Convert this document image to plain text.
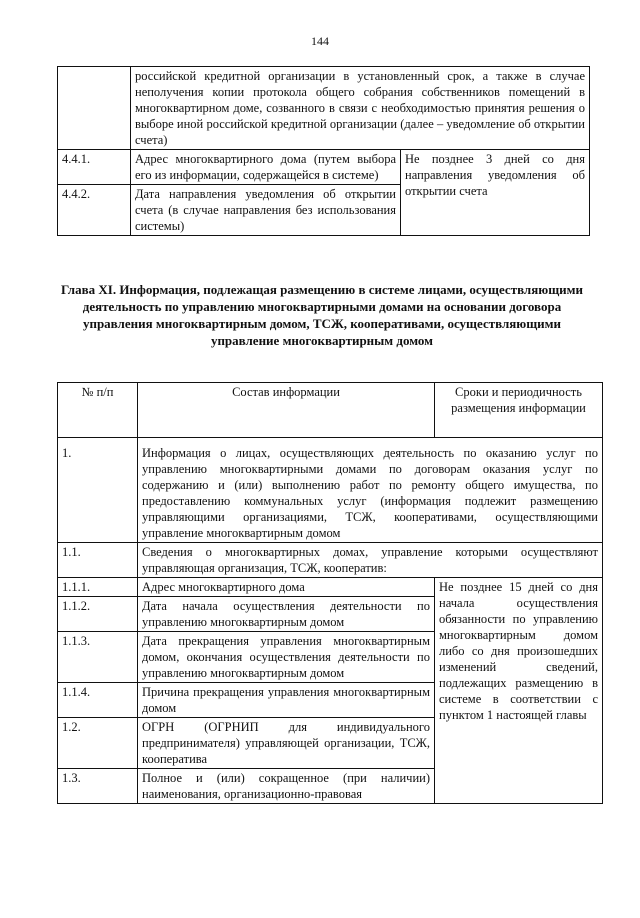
144
	российской кредитной организации в установленный срок, а также в случае неполучения копии протокола общего собрания собственников помещений в многоквартирном доме, созванного в связи с необходимостью принятия решения о выборе иной российской кредитной организации (далее – уведомление об открытии счета)	
4.4.1.	Адрес многоквартирного дома (путем выбора его из информации, содержащейся в системе)	Не позднее 3 дней со дня направления уведомления об открытии счета
4.4.2.	Дата направления уведомления об открытии счета (в случае направления без использования системы)	
Глава XI. Информация, подлежащая размещению в системе лицами, осуществляющими деятельность по управлению многоквартирными домами на основании договора управления многоквартирным домом, ТСЖ, кооперативами, осуществляющими управление многоквартирным домом
№ п/п	Состав информации	Сроки и периодичность размещения информации

1.	Информация о лицах, осуществляющих деятельность по оказанию услуг по управлению многоквартирными домами по договорам оказания услуг по содержанию и (или) выполнению работ по ремонту общего имущества, по предоставлению коммунальных услуг (информация подлежит размещению управляющими организациями, ТСЖ, кооперативами, осуществляющими управление многоквартирным домом	
1.1.	Сведения о многоквартирных домах, управление которыми осуществляют управляющая организация, ТСЖ, кооператив:	
1.1.1.	Адрес многоквартирного дома	Не позднее 15 дней со дня начала осуществления обязанности по управлению многоквартирным домом либо со дня произошедших изменений сведений, подлежащих размещению в системе в соответствии с пунктом 1 настоящей главы
1.1.2.	Дата начала осуществления деятельности по управлению многоквартирным домом	
1.1.3.	Дата прекращения управления многоквартирным домом, окончания осуществления деятельности по управлению многоквартирным домом	
1.1.4.	Причина прекращения управления многоквартирным домом	
1.2.	ОГРН (ОГРНИП для индивидуального предпринимателя) управляющей организации, ТСЖ, кооператива	
1.3.	Полное и (или) сокращенное (при наличии) наименования, организационно-правовая	
